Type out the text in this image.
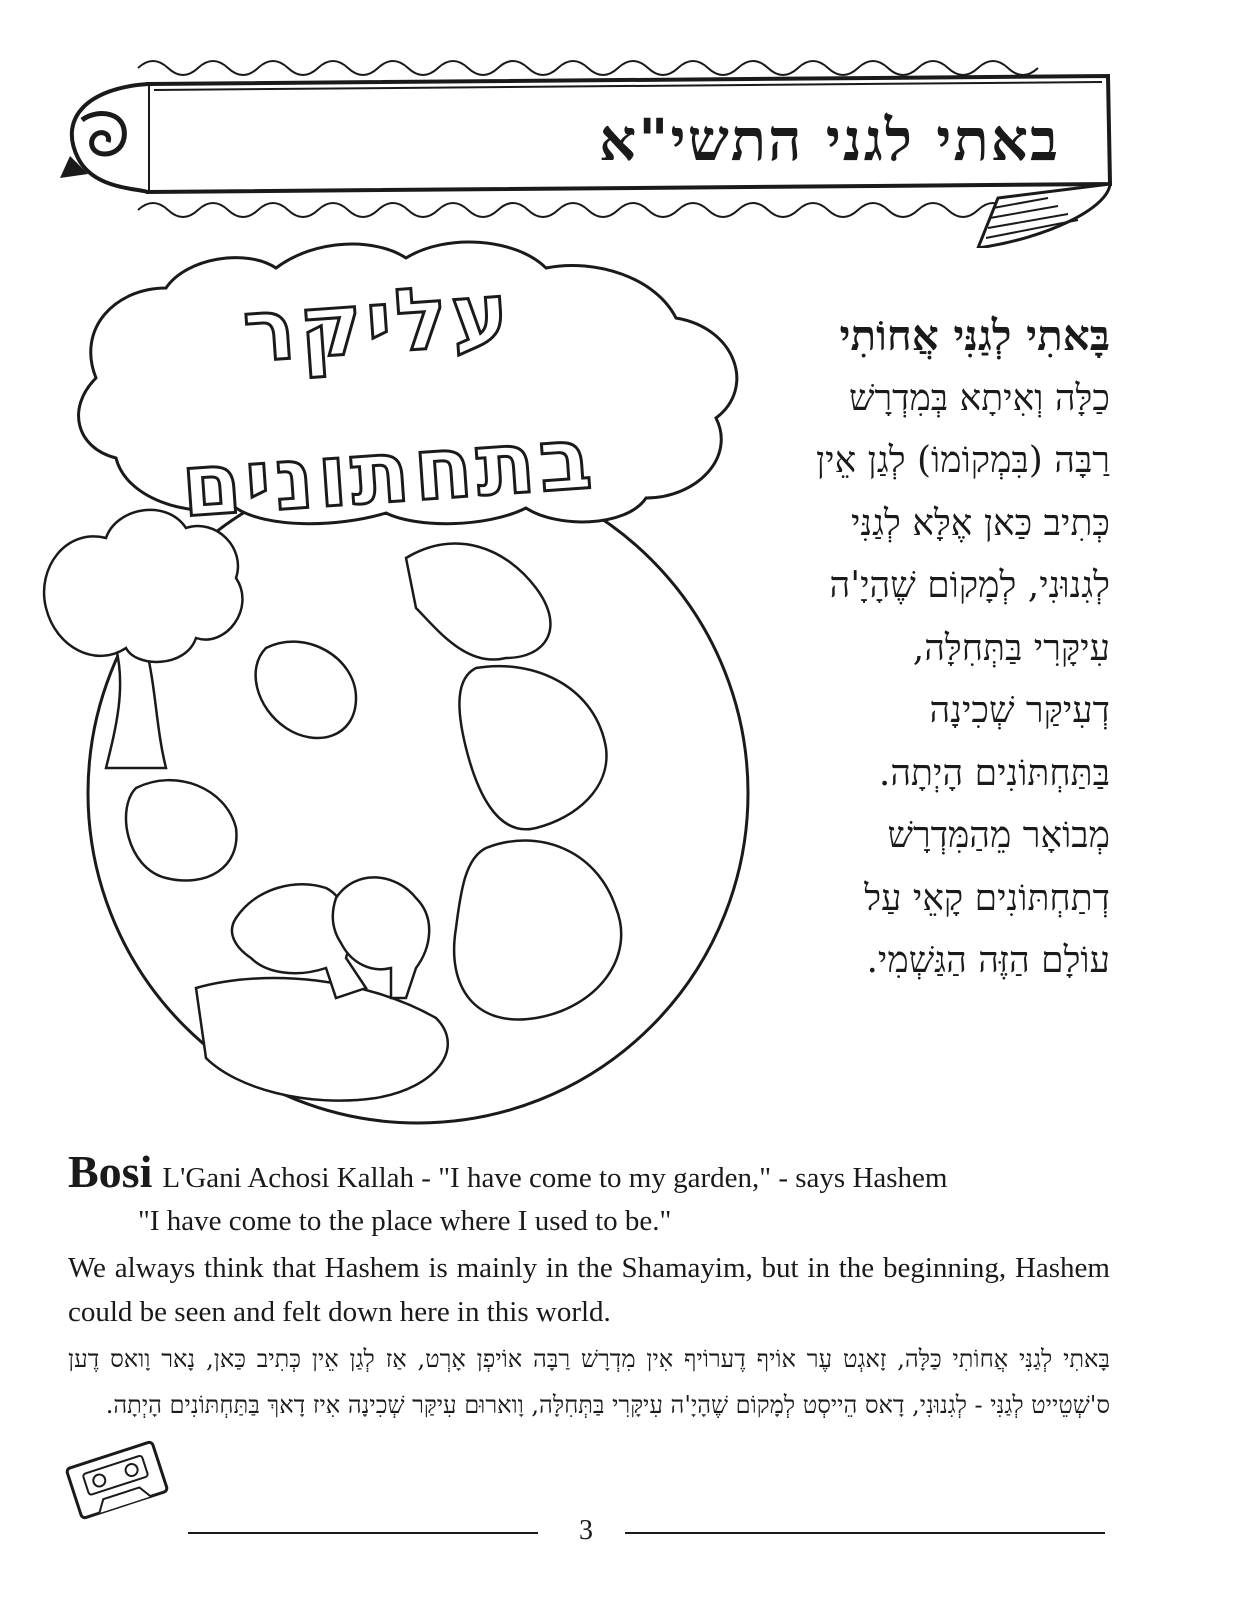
באתי לגני התשי"א
עליקר בתחתונים
בָּאתִי לְגַנִּי אֲחוֹתִי
כַלָּה וְאִיתָא בְּמִדְרָשׁ
רַבָּה (בִּמְקוֹמוֹ) לְגַן אֵין
כְּתִיב כַּאן אֶלָּא לְגַנִּי
לְגִנוּנִי, לְמָקוֹם שֶׁהָיָ'ה
עִיקָּרִי בַּתְּחִלָּה,
דְעִיקַּר שְׁכִינָה
בַּתַּחְתּוֹנִים הָיְתָה.
מְבוֹאָר מֵהַמִּדְרָשׁ
דְתַחְתּוֹנִים קָאֵי עַל
עוֹלָם הַזֶּה הַגַּשְׁמִי.
Bosi L'Gani Achosi Kallah - "I have come to my garden," - says Hashem
"I have come to the place where I used to be."
We always think that Hashem is mainly in the Shamayim, but in the beginning, Hashem could be seen and felt down here in this world.
בָּאתִי לְגַנִּי אֲחוֹתִי כַּלָּה, זָאגְט עֶר אוֹיף דֶערוֹיף אִין מִדְרָשׁ רַבָּה אוֹיפְן אָרְט, אַז לְגַן אֵין כְּתִיב כַּאן, נָאר וָואס דֶען ס'שְׁטֵייט לְגַנִּי - לְגִנוּנִי, דָאס הֵייסְט לְמָקוֹם שֶׁהָיָ'ה עִיקָּרִי בַּתְּחִלָּה, וָוארוּם עִיקַּר שְׁכִינָה אִיז דָאךְ בַּתַּחְתּוֹנִים הָיְתָה.
3
